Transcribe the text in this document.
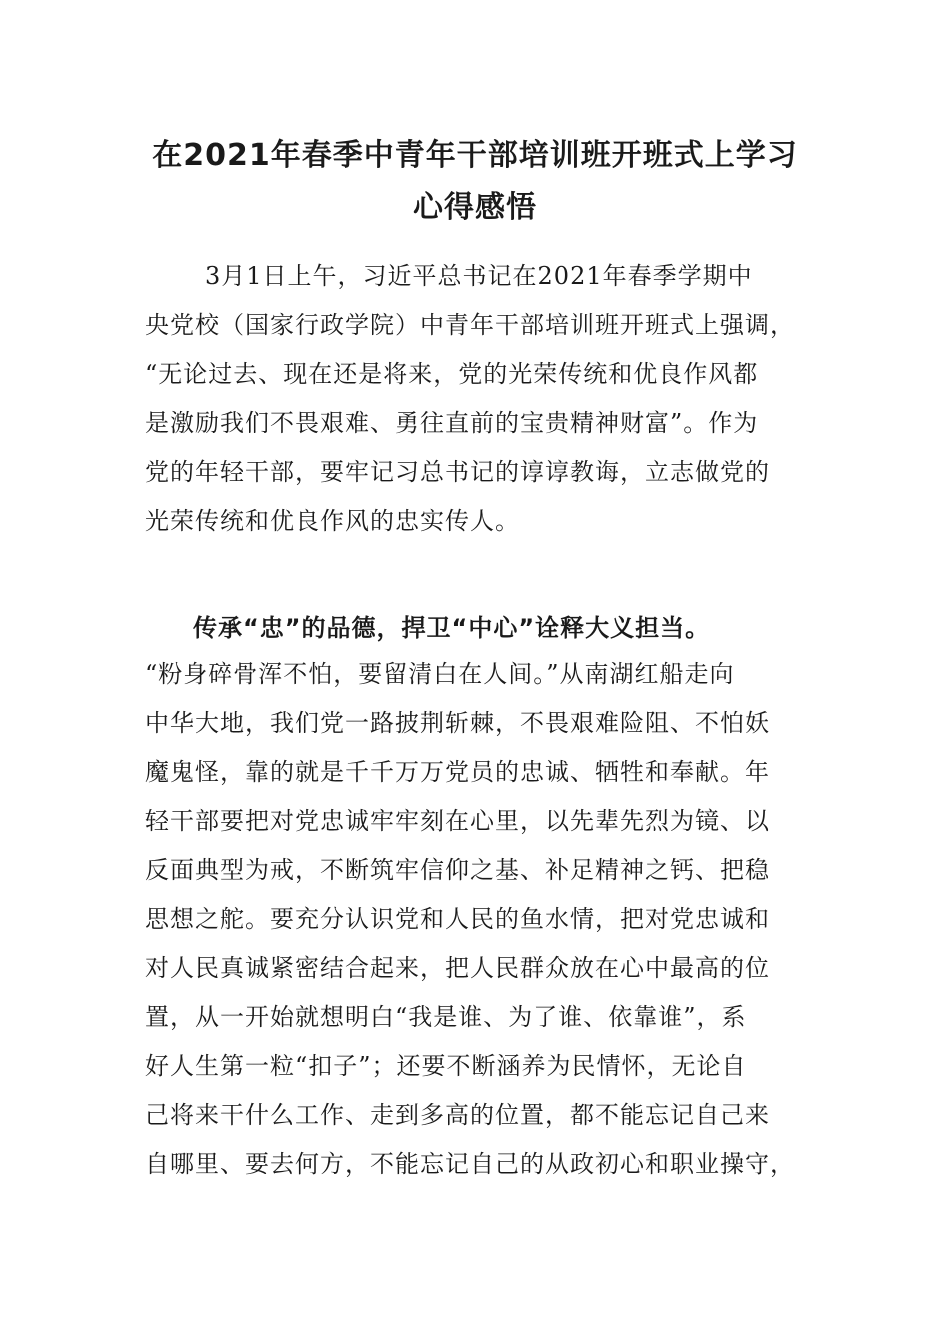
在2021年春季中青年干部培训班开班式上学习
心得感悟

3月1日上午，习近平总书记在2021年春季学期中

央党校（国家行政学院）中青年干部培训班开班式上强调，

“无论过去、现在还是将来，党的光荣传统和优良作风都

是激励我们不畏艰难、勇往直前的宝贵精神财富”。作为

党的年轻干部，要牢记习总书记的谆谆教诲，立志做党的

光荣传统和优良作风的忠实传人。

传承“忠”的品德，捍卫“中心”诠释大义担当。

“粉身碎骨浑不怕，要留清白在人间。”从南湖红船走向

中华大地，我们党一路披荆斩棘，不畏艰难险阻、不怕妖

魔鬼怪，靠的就是千千万万党员的忠诚、牺牲和奉献。年

轻干部要把对党忠诚牢牢刻在心里，以先辈先烈为镜、以

反面典型为戒，不断筑牢信仰之基、补足精神之钙、把稳

思想之舵。要充分认识党和人民的鱼水情，把对党忠诚和

对人民真诚紧密结合起来，把人民群众放在心中最高的位

置，从一开始就想明白“我是谁、为了谁、依靠谁”，系

好人生第一粒“扣子”；还要不断涵养为民情怀，无论自

己将来干什么工作、走到多高的位置，都不能忘记自己来

自哪里、要去何方，不能忘记自己的从政初心和职业操守，
